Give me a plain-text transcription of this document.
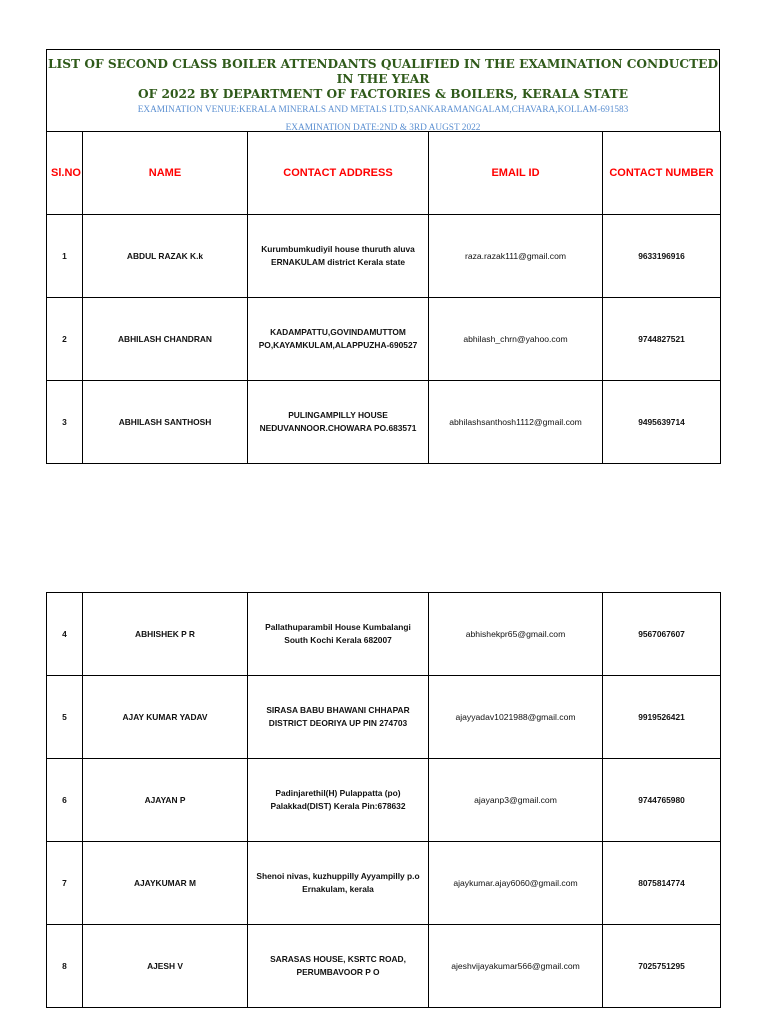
LIST OF SECOND CLASS BOILER ATTENDANTS QUALIFIED IN THE EXAMINATION CONDUCTED IN THE YEAR
OF 2022 BY DEPARTMENT OF FACTORIES & BOILERS, KERALA STATE
EXAMINATION VENUE:KERALA MINERALS AND METALS LTD,SANKARAMANGALAM,CHAVARA,KOLLAM-691583
EXAMINATION DATE:2ND & 3RD AUGST 2022
Sl.NO	NAME	CONTACT ADDRESS	EMAIL ID	CONTACT NUMBER
1	ABDUL RAZAK K.k	Kurumbumkudiyil house thuruth aluva
ERNAKULAM district Kerala state	raza.razak111@gmail.com	9633196916
2	ABHILASH CHANDRAN	KADAMPATTU,GOVINDAMUTTOM
PO,KAYAMKULAM,ALAPPUZHA-690527	abhilash_chrn@yahoo.com	9744827521
3	ABHILASH SANTHOSH	PULINGAMPILLY HOUSE
NEDUVANNOOR.CHOWARA PO.683571	abhilashsanthosh1112@gmail.com	9495639714
4	ABHISHEK P R	Pallathuparambil House Kumbalangi
South Kochi Kerala 682007	abhishekpr65@gmail.com	9567067607
5	AJAY KUMAR YADAV	SIRASA BABU BHAWANI CHHAPAR
DISTRICT DEORIYA UP PIN 274703	ajayyadav1021988@gmail.com	9919526421
6	AJAYAN P	Padinjarethil(H) Pulappatta (po)
Palakkad(DIST) Kerala Pin:678632	ajayanp3@gmail.com	9744765980
7	AJAYKUMAR M	Shenoi nivas, kuzhuppilly Ayyampilly p.o
Ernakulam, kerala	ajaykumar.ajay6060@gmail.com	8075814774
8	AJESH V	SARASAS HOUSE, KSRTC ROAD,
PERUMBAVOOR P O	ajeshvijayakumar566@gmail.com	7025751295
